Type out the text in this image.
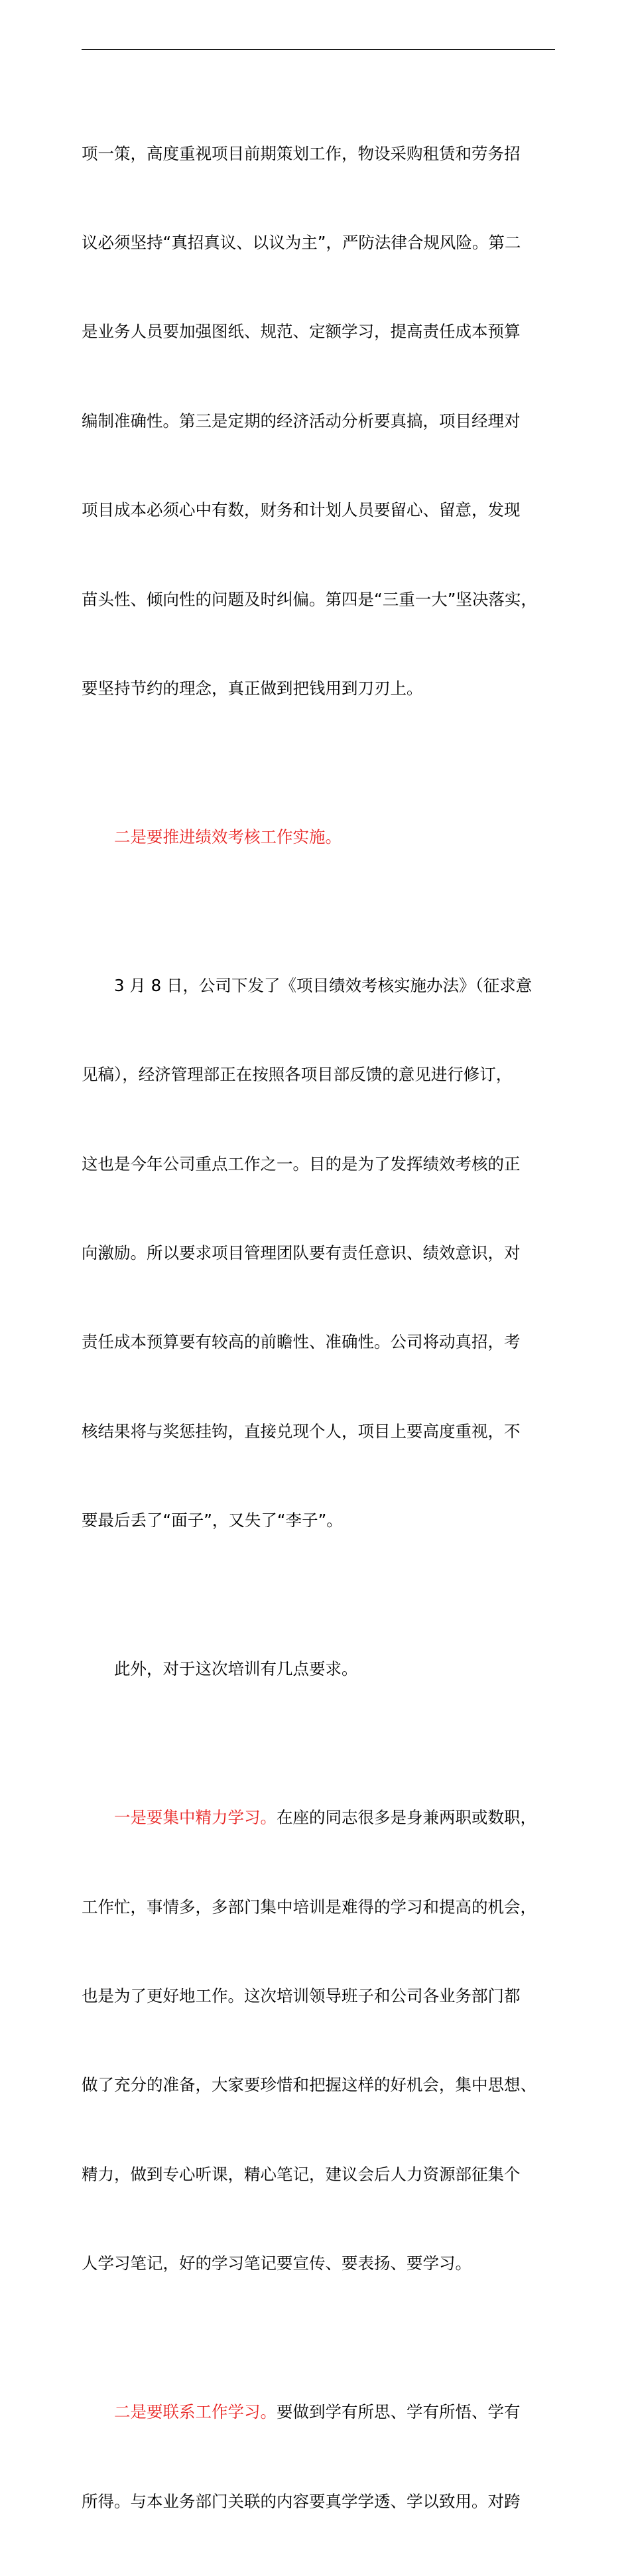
项一策，高度重视项目前期策划工作，物设采购租赁和劳务招

议必须坚持“真招真议、以议为主”，严防法律合规风险。第二

是业务人员要加强图纸、规范、定额学习，提高责任成本预算

编制准确性。第三是定期的经济活动分析要真搞，项目经理对

项目成本必须心中有数，财务和计划人员要留心、留意，发现

苗头性、倾向性的问题及时纠偏。第四是“三重一大”坚决落实，

要坚持节约的理念，真正做到把钱用到刀刃上。

二是要推进绩效考核工作实施。

3 月 8 日，公司下发了《项目绩效考核实施办法》（征求意

见稿），经济管理部正在按照各项目部反馈的意见进行修订，

这也是今年公司重点工作之一。目的是为了发挥绩效考核的正

向激励。所以要求项目管理团队要有责任意识、绩效意识，对

责任成本预算要有较高的前瞻性、准确性。公司将动真招，考

核结果将与奖惩挂钩，直接兑现个人，项目上要高度重视，不

要最后丢了“面子”，又失了“李子”。

此外，对于这次培训有几点要求。

一是要集中精力学习。在座的同志很多是身兼两职或数职，

工作忙，事情多，多部门集中培训是难得的学习和提高的机会，

也是为了更好地工作。这次培训领导班子和公司各业务部门都

做了充分的准备，大家要珍惜和把握这样的好机会，集中思想、

精力，做到专心听课，精心笔记，建议会后人力资源部征集个

人学习笔记，好的学习笔记要宣传、要表扬、要学习。

二是要联系工作学习。要做到学有所思、学有所悟、学有

所得。与本业务部门关联的内容要真学学透、学以致用。对跨
